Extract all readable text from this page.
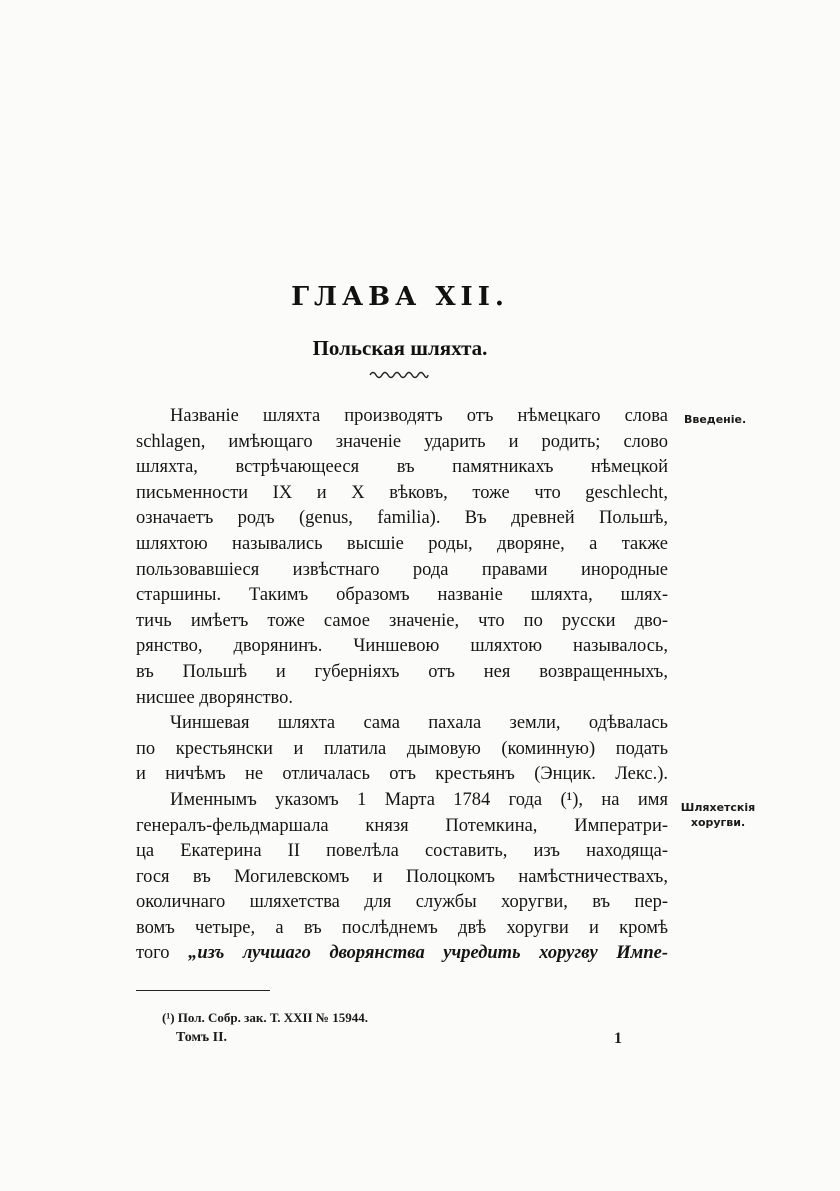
ГЛАВА XII.
Польская шляхта.
Названіе шляхта производятъ отъ нѣмецкаго слова
schlagen, имѣющаго значеніе ударить и родить; слово
шляхта, встрѣчающееся въ памятникахъ нѣмецкой
письменности IX и X вѣковъ, тоже что geschlecht,
означаетъ родъ (genus, familia). Въ древней Польшѣ,
шляхтою назывались высшіе роды, дворяне, а также
пользовавшіеся извѣстнаго рода правами инородные
старшины. Такимъ образомъ названіе шляхта, шлях-
тичь имѣетъ тоже самое значеніе, что по русски дво-
рянство, дворянинъ. Чиншевою шляхтою называлось,
въ Польшѣ и губерніяхъ отъ нея возвращенныхъ,
нисшее дворянство.
Чиншевая шляхта сама пахала земли, одѣвалась
по крестьянски и платила дымовую (коминную) подать
и ничѣмъ не отличалась отъ крестьянъ (Энцик. Лекс.).
Именнымъ указомъ 1 Марта 1784 года (¹), на имя
генералъ-фельдмаршала князя Потемкина, Императри-
ца Екатерина II повелѣла составить, изъ находяща-
гося въ Могилевскомъ и Полоцкомъ намѣстничествахъ,
околичнаго шляхетства для службы хоругви, въ пер-
вомъ четыре, а въ послѣднемъ двѣ хоругви и кромѣ
того „изъ лучшаго дворянства учредить хоругву Импе-
Введеніе.
Шляхетскія
хоругви.
(¹) Пол. Собр. зак. Т. XXII № 15944.
Томъ II.	1
